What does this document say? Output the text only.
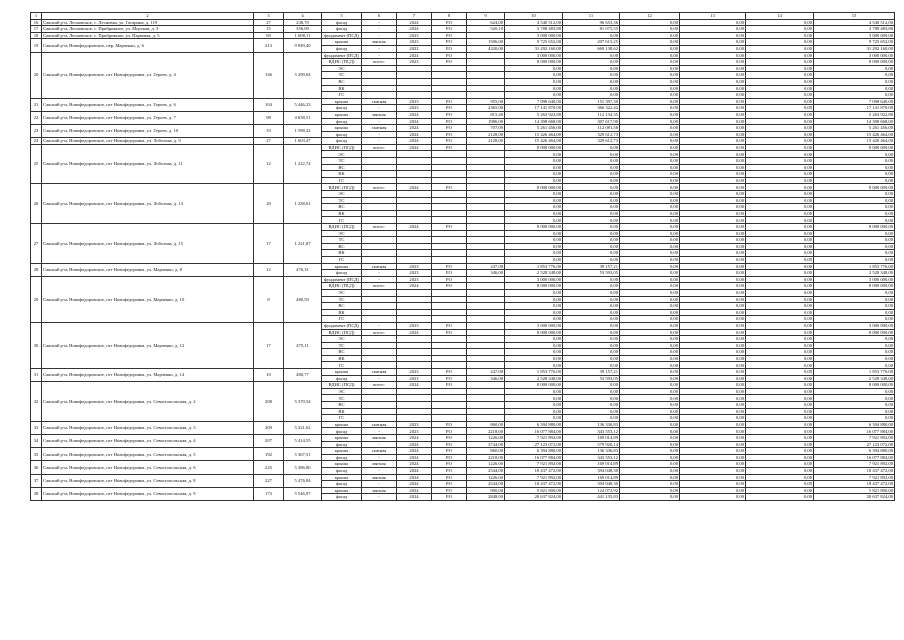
1	2	3	4	5	6	7	8	9	10	11	12	13	14	15
16	Сакский р-н, Лесновское, с. Лесновка, ул. Гагарина, д. 119	27	238,70	фасад	-	2024	РО	624,00	4 540 512,00	96 653,36	0,00	0,00	0,00	4 540 512,00
17	Сакский р-н, Лесновское, с. Прибрежное, ул. Морская, д. 3	15	356,09	фасад	-	2024	РО	520,10	3 788 483,80	81 075,55	0,00	0,00	0,00	3 788 483,80
18	Сакский р-н, Лесновское, с. Прибрежное, ул. Парковая, д. 5	69	1 608,11	фундамент (ПСД)	-	2023	РО		3 000 000,00	0,00	0,00	0,00	0,00	3 000 000,00
19	Сакский р-н, Новофедоровское, пер. Марченко, д. 6	213	9 949,40	крыша	мягкая	2023	РО	1506,00	9 725 652,00	207 615,25	0,00	0,00	0,00	9 725 652,00
				фасад	-	2022	РО	4320,00	31 292 160,00	669 138,62	0,00	0,00	0,00	31 292 160,00
20	Сакский р-н, Новофедоровское, пгт Новофедоровка, ул. Героев, д. 4	146	5 299,04	фундамент (ПСД)	-	2024	РО		3 000 000,00	0,00	0,00	0,00	0,00	3 000 000,00
				ВДИС (ПСД)	всего:	2023	РО		8 000 000,00	0,00	0,00	0,00	0,00	8 000 000,00
				ЭС					0,00	0,00	0,00	0,00	0,00	0,00
				ТС					0,00	0,00	0,00	0,00	0,00	0,00
				ВС					0,00	0,00	0,00	0,00	0,00	0,00
				ВК					0,00	0,00	0,00	0,00	0,00	0,00
				ГС					0,00	0,00	0,00	0,00	0,00	0,00
21	Сакский р-н, Новофедоровское, пгт Новофедоровка, ул. Героев, д. 6	104	5 446,23	крыша	скатная	2023	РО	955,00	7 098 640,00	151 397,30	0,00	0,00	0,00	7 098 640,00
				фасад	-	2023	РО	2365,00	17 141 870,00	366 322,42	0,00	0,00	0,00	17 141 870,00
22	Сакский р-н, Новофедоровское, пгт Новофедоровка, ул. Героев, д. 7	98	4 658,51	крыша	мягкая	2024	РО	815,40	5 263 922,80	112 134,35	0,00	0,00	0,00	5 263 922,80
				фасад	-	2024	РО	1986,00	14 398 668,00	307 617,90	0,00	0,00	0,00	14 398 668,00
23	Сакский р-н, Новофедоровское, пгт Новофедоровка, ул. Героев, д. 10	33	1 588,22	крыша	скатная	2024	РО	707,00	5 261 456,00	112 081,56	0,00	0,00	0,00	5 261 456,00
				фасад	-	2024	РО	2128,00	15 426 464,00	329 612,73	0,00	0,00	0,00	15 426 464,00
24	Сакский р-н, Новофедоровское, пгт Новофедоровка, ул. Лобозова, д. 9	27	1 603,47	фасад	-	2024	РО	2128,00	15 426 464,00	329 612,73	0,00	0,00	0,00	15 426 464,00
25	Сакский р-н, Новофедоровское, пгт Новофедоровка, ул. Лобозова, д. 11	12	1 222,74	ВДИС (ПСД)	всего:	2024	РО		8 000 000,00	0,00	0,00	0,00	0,00	8 000 000,00
				ЭС					0,00	0,00	0,00	0,00	0,00	0,00
				ТС					0,00	0,00	0,00	0,00	0,00	0,00
				ВС					0,00	0,00	0,00	0,00	0,00	0,00
				ВК					0,00	0,00	0,00	0,00	0,00	0,00
				ГС					0,00	0,00	0,00	0,00	0,00	0,00
26	Сакский р-н, Новофедоровское, пгт Новофедоровка, ул. Лобозова, д. 13	29	1 238,01	ВДИС (ПСД)	всего:	2024	РО		8 000 000,00	0,00	0,00	0,00	0,00	8 000 000,00
				ЭС					0,00	0,00	0,00	0,00	0,00	0,00
				ТС					0,00	0,00	0,00	0,00	0,00	0,00
				ВС					0,00	0,00	0,00	0,00	0,00	0,00
				ВК					0,00	0,00	0,00	0,00	0,00	0,00
				ГС					0,00	0,00	0,00	0,00	0,00	0,00
27	Сакский р-н, Новофедоровское, пгт Новофедоровка, ул. Лобозова, д. 15	17	1 221,87	ВДИС (ПСД)	всего:	2024	РО		8 000 000,00	0,00	0,00	0,00	0,00	8 000 000,00
				ЭС					0,00	0,00	0,00	0,00	0,00	0,00
				ТС					0,00	0,00	0,00	0,00	0,00	0,00
				ВС					0,00	0,00	0,00	0,00	0,00	0,00
				ВК					0,00	0,00	0,00	0,00	0,00	0,00
				ГС					0,00	0,00	0,00	0,00	0,00	0,00
28	Сакский р-н, Новофедоровское, пгт Новофедоровка, ул. Марченко, д. 8	12	476,31	крыша	скатная	2023	РО	247,00	1 853 776,00	39 157,21	0,00	0,00	0,00	1 853 776,00
				фасад	-	2023	РО	346,00	2 528 348,00	53 593,05	0,00	0,00	0,00	2 528 348,00
29	Сакский р-н, Новофедоровское, пгт Новофедоровка, ул. Марченко, д. 10	8	480,59	фундамент (ПСД)	-	2023	РО		3 000 000,00	0,00	0,00	0,00	0,00	3 000 000,00
				ВДИС (ПСД)	всего:	2024	РО		8 000 000,00	0,00	0,00	0,00	0,00	8 000 000,00
				ЭС					0,00	0,00	0,00	0,00	0,00	0,00
				ТС					0,00	0,00	0,00	0,00	0,00	0,00
				ВС					0,00	0,00	0,00	0,00	0,00	0,00
				ВК					0,00	0,00	0,00	0,00	0,00	0,00
				ГС					0,00	0,00	0,00	0,00	0,00	0,00
30	Сакский р-н, Новофедоровское, пгт Новофедоровка, ул. Марченко, д. 12	17	475,11	фундамент (ПСД)	-	2023	РО		3 000 000,00	0,00	0,00	0,00	0,00	3 000 000,00
				ВДИС (ПСД)	всего:	2024	РО		8 000 000,00	0,00	0,00	0,00	0,00	8 000 000,00
				ЭС					0,00	0,00	0,00	0,00	0,00	0,00
				ТС					0,00	0,00	0,00	0,00	0,00	0,00
				ВС					0,00	0,00	0,00	0,00	0,00	0,00
				ВК					0,00	0,00	0,00	0,00	0,00	0,00
				ГС					0,00	0,00	0,00	0,00	0,00	0,00
31	Сакский р-н, Новофедоровское, пгт Новофедоровка, ул. Марченко, д. 14	10	480,77	крыша	скатная	2023	РО	247,00	1 853 776,00	39 157,21	0,00	0,00	0,00	1 853 776,00
				фасад	-	2023	РО	346,00	2 528 348,00	53 593,05	0,00	0,00	0,00	2 528 348,00
32	Сакский р-н, Новофедоровское, пгт Новофедоровка, ул. Севастопольская, д. 2	208	5 370,54	ВДИС (ПСД)	всего:	2024	РО		8 000 000,00	0,00	0,00	0,00	0,00	8 000 000,00
				ЭС					0,00	0,00	0,00	0,00	0,00	0,00
				ТС					0,00	0,00	0,00	0,00	0,00	0,00
				ВС					0,00	0,00	0,00	0,00	0,00	0,00
				ВК					0,00	0,00	0,00	0,00	0,00	0,00
				ГС					0,00	0,00	0,00	0,00	0,00	0,00
33	Сакский р-н, Новофедоровское, пгт Новофедоровка, ул. Севастопольская, д. 3	209	5 321,62	крыша	скатная	2023	РО	860,00	6 394 880,00	136 336,83	0,00	0,00	0,00	6 394 880,00
				фасад	-	2023	РО	2218,00	16 077 884,00	343 553,12	0,00	0,00	0,00	16 077 884,00
34	Сакский р-н, Новофедоровское, пгт Новофедоровка, ул. Севастопольская, д. 4	207	5 414,55	крыша	мягкая	2024	РО	1226,00	7 921 892,00	169 014,89	0,00	0,00	0,00	7 921 892,00
				фасад	-	2024	РО	3744,00	27 123 072,00	579 920,14	0,00	0,00	0,00	27 123 072,00
35	Сакский р-н, Новофедоровское, пгт Новофедоровка, ул. Севастопольская, д. 5	192	5 367,51	крыша	скатная	2024	РО	860,00	6 394 880,00	136 336,83	0,00	0,00	0,00	6 394 880,00
				фасад	-	2024	РО	2218,00	16 077 884,00	343 553,12	0,00	0,00	0,00	16 077 884,00
36	Сакский р-н, Новофедоровское, пгт Новофедоровка, ул. Севастопольская, д. 6	225	5 386,80	крыша	мягкая	2024	РО	1226,00	7 921 892,00	169 014,89	0,00	0,00	0,00	7 921 892,00
				фасад	-	2024	РО	2544,00	18 437 472,00	394 048,30	0,00	0,00	0,00	18 437 472,00
37	Сакский р-н, Новофедоровское, пгт Новофедоровка, ул. Севастопольская, д. 8	227	5 476,84	крыша	мягкая	2024	РО	1226,00	7 921 892,00	169 014,89	0,00	0,00	0,00	7 921 892,00
				фасад	-	2024	РО	2544,00	18 437 472,00	394 048,30	0,00	0,00	0,00	18 437 472,00
38	Сакский р-н, Новофедоровское, пгт Новофедоровка, ул. Севастопольская, д. 9	173	5 546,97	крыша	мягкая	2024	РО	900,00	5 821 800,00	124 072,92	0,00	0,00	0,00	5 821 800,00
				фасад	-	2024	РО	2848,00	20 637 824,00	441 135,83	0,00	0,00	0,00	20 637 824,00
